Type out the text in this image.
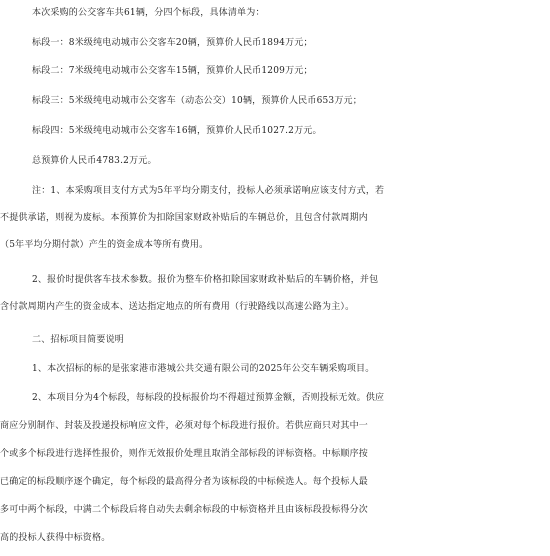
本次采购的公交客车共61辆，分四个标段，具体清单为：
标段一：8米级纯电动城市公交客车20辆，预算价人民币1894万元；
标段二：7米级纯电动城市公交客车15辆，预算价人民币1209万元；
标段三：5米级纯电动城市公交客车（动态公交）10辆，预算价人民币653万元；
标段四：5米级纯电动城市公交客车16辆，预算价人民币1027.2万元。
总预算价人民币4783.2万元。
注：1、本采购项目支付方式为5年平均分期支付，投标人必须承诺响应该支付方式，若
不提供承诺，则视为废标。本预算价为扣除国家财政补贴后的车辆总价，且包含付款周期内
（5年平均分期付款）产生的资金成本等所有费用。
2、报价时提供客车技术参数。报价为整车价格扣除国家财政补贴后的车辆价格，并包
含付款周期内产生的资金成本、送达指定地点的所有费用（行驶路线以高速公路为主）。
二、招标项目简要说明
1、本次招标的标的是张家港市港城公共交通有限公司的2025年公交车辆采购项目。
2、本项目分为4个标段，每标段的投标报价均不得超过预算金额，否则投标无效。供应
商应分别制作、封装及投递投标响应文件，必须对每个标段进行报价。若供应商只对其中一
个或多个标段进行选择性报价，则作无效报价处理且取消全部标段的评标资格。中标顺序按
已确定的标段顺序逐个确定，每个标段的最高得分者为该标段的中标候选人。每个投标人最
多可中两个标段，中满二个标段后将自动失去剩余标段的中标资格并且由该标段投标得分次
高的投标人获得中标资格。
